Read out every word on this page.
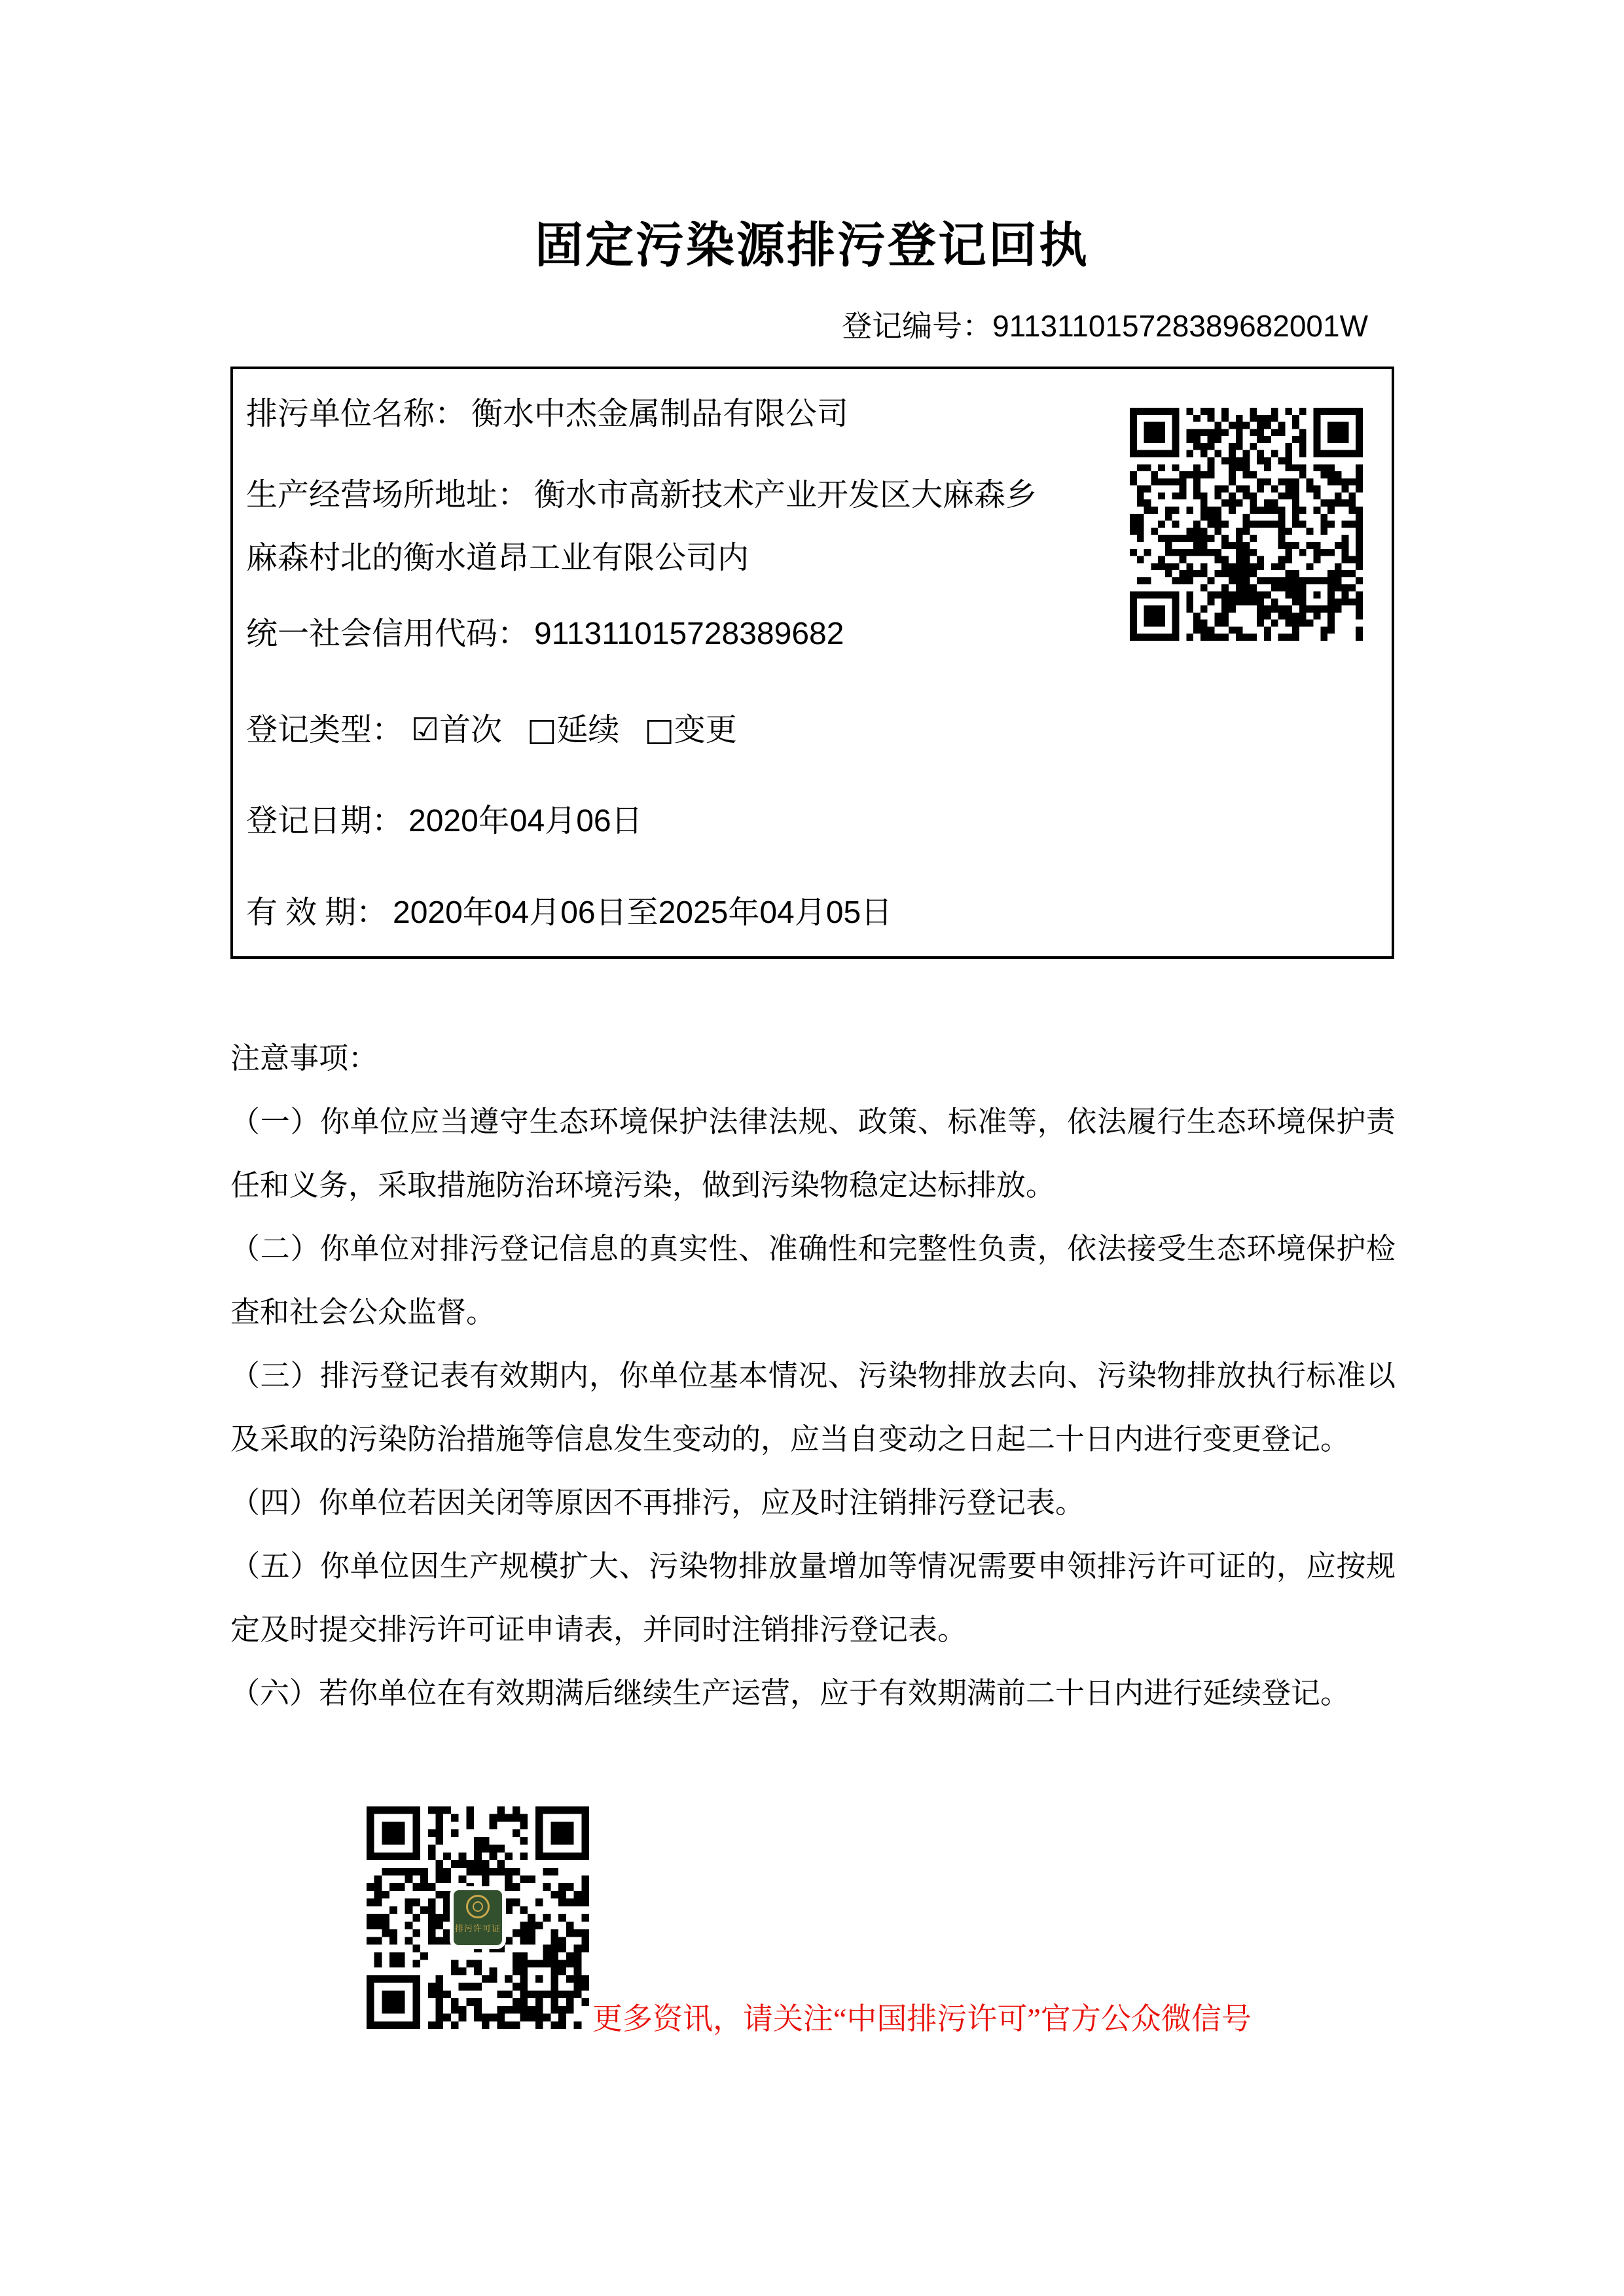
固定污染源排污登记回执
登记编号：911311015728389682001W
排污单位名称： 衡水中杰金属制品有限公司
生产经营场所地址： 衡水市高新技术产业开发区大麻森乡
麻森村北的衡水道昂工业有限公司内
统一社会信用代码： 911311015728389682
登记类型： ☑首次 □延续 □变更
登记日期： 2020年04月06日
有 效 期： 2020年04月06日至2025年04月05日

注意事项：

（一）你单位应当遵守生态环境保护法律法规、政策、标准等，依法履行生态环境保护责任和义务，采取措施防治环境污染，做到污染物稳定达标排放。

（二）你单位对排污登记信息的真实性、准确性和完整性负责，依法接受生态环境保护检查和社会公众监督。

（三）排污登记表有效期内，你单位基本情况、污染物排放去向、污染物排放执行标准以及采取的污染防治措施等信息发生变动的，应当自变动之日起二十日内进行变更登记。

（四）你单位若因关闭等原因不再排污，应及时注销排污登记表。

（五）你单位因生产规模扩大、污染物排放量增加等情况需要申领排污许可证的，应按规定及时提交排污许可证申请表，并同时注销排污登记表。

（六）若你单位在有效期满后继续生产运营，应于有效期满前二十日内进行延续登记。

排污许可证
更多资讯，请关注“中国排污许可”官方公众微信号
